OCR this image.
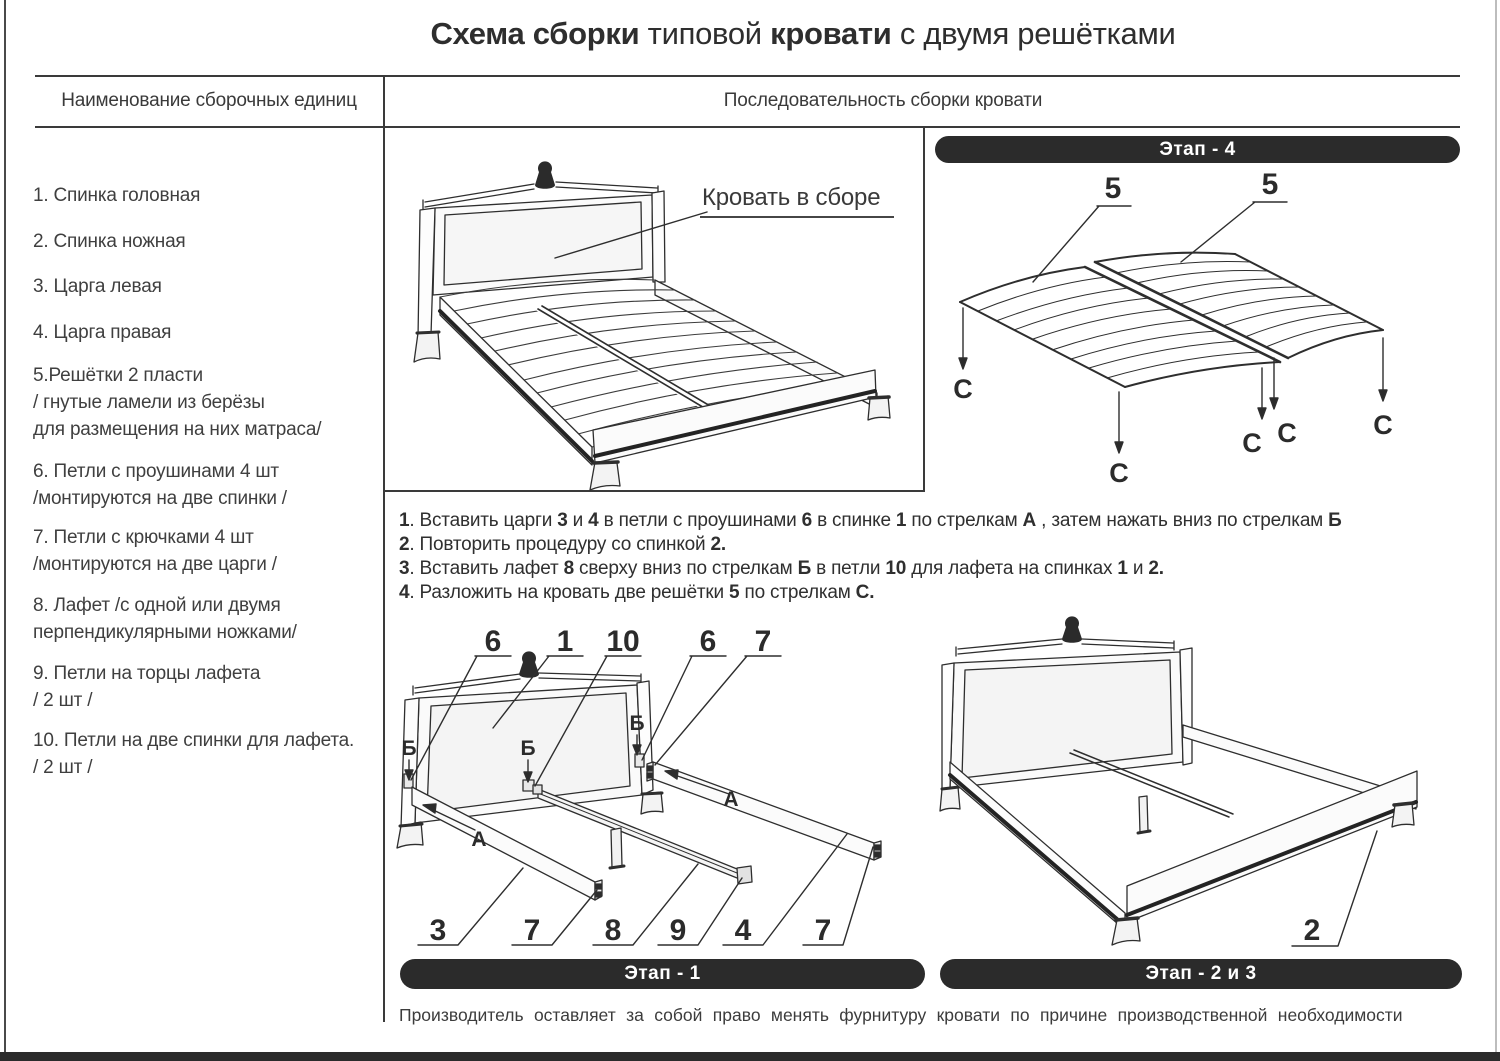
Схема сборки типовой кровати с двумя решётками
Наименование сборочных единиц	Последовательность сборки кровати
1. Спинка головная
2. Спинка ножная
3. Царга левая
4. Царга правая
5.Решётки 2 пласти
/ гнутые ламели из берёзы
для размещения на них матраса/
6. Петли с проушинами 4 шт
/монтируются на две спинки /
7. Петли с крючками 4 шт
/монтируются на две царги /
8. Лафет /с одной или двумя
перпендикулярными ножками/
9. Петли на торцы лафета
/ 2 шт /
10. Петли на две спинки для лафета.
/ 2 шт /
Кровать в сборе
Этап - 4
5	5
С
С
С С	С
1. Вставить царги 3 и 4 в петли с проушинами 6 в спинке 1 по стрелкам А , затем нажать вниз по стрелкам Б
2. Повторить процедуру со спинкой 2.
3. Вставить лафет 8 сверху вниз по стрелкам Б в петли 10 для лафета на спинках 1 и 2.
4. Разложить на кровать две решётки 5 по стрелкам С.
6 1 10 6 7
3	7 8 9 4 7
Б	Б
Б
А
А
Этап - 1
2
Этап - 2 и 3
Производитель оставляет за собой право менять фурнитуру кровати по причине производственной необходимости
